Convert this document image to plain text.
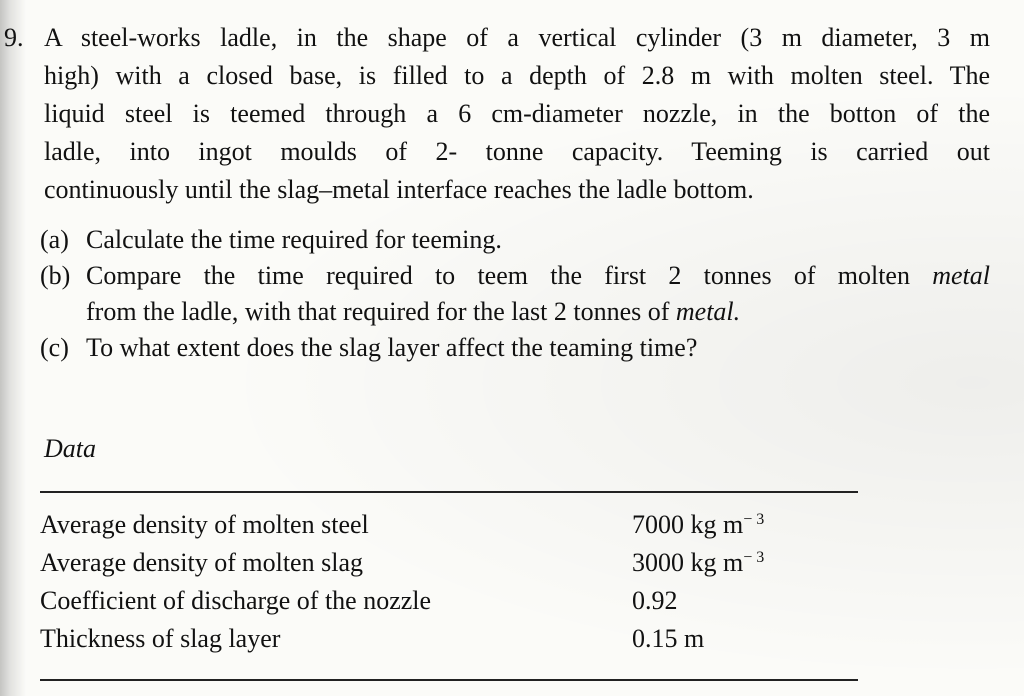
9. A steel-works ladle, in the shape of a vertical cylinder (3 m diameter, 3 m
high) with a closed base, is filled to a depth of 2.8 m with molten steel. The
liquid steel is teemed through a 6 cm-diameter nozzle, in the botton of the
ladle, into ingot moulds of 2- tonne capacity. Teeming is carried out
continuously until the slag–metal interface reaches the ladle bottom.
(a) Calculate the time required for teeming.
(b) Compare the time required to teem the first 2 tonnes of molten metal
from the ladle, with that required for the last 2 tonnes of metal.
(c) To what extent does the slag layer affect the teaming time?
Data
Average density of molten steel	7000 kg $m^{- 3}$
Average density of molten slag	3000 kg $m^{- 3}$
Coefficient of discharge of the nozzle	0.92
Thickness of slag layer	0.15 m
